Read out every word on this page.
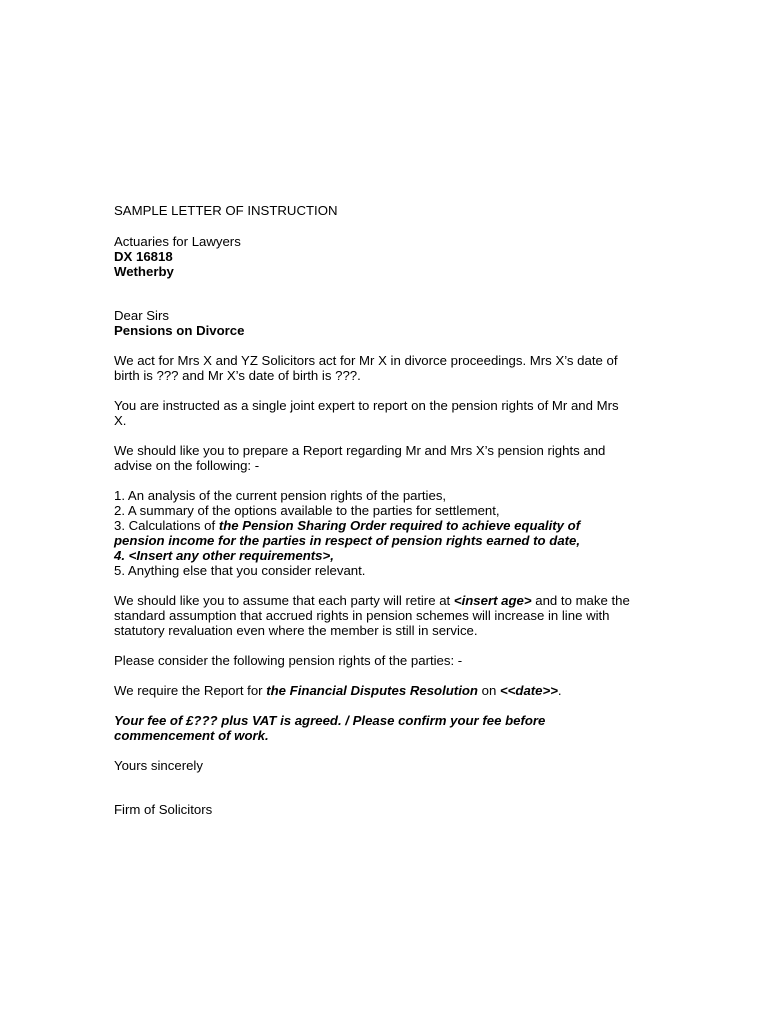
SAMPLE LETTER OF INSTRUCTION

Actuaries for Lawyers

DX 16818

Wetherby

Dear Sirs

Pensions on Divorce

We act for Mrs X and YZ Solicitors act for Mr X in divorce proceedings. Mrs X’s date of

birth is ??? and Mr X’s date of birth is ???.

You are instructed as a single joint expert to report on the pension rights of Mr and Mrs

X.

We should like you to prepare a Report regarding Mr and Mrs X’s pension rights and

advise on the following: -

1. An analysis of the current pension rights of the parties,

2. A summary of the options available to the parties for settlement,

3. Calculations of the Pension Sharing Order required to achieve equality of

pension income for the parties in respect of pension rights earned to date,

4. <Insert any other requirements>,

5. Anything else that you consider relevant.

We should like you to assume that each party will retire at <insert age> and to make the

standard assumption that accrued rights in pension schemes will increase in line with

statutory revaluation even where the member is still in service.

Please consider the following pension rights of the parties: -

We require the Report for the Financial Disputes Resolution on <<date>>.

Your fee of £??? plus VAT is agreed. / Please confirm your fee before

commencement of work.

Yours sincerely

Firm of Solicitors
